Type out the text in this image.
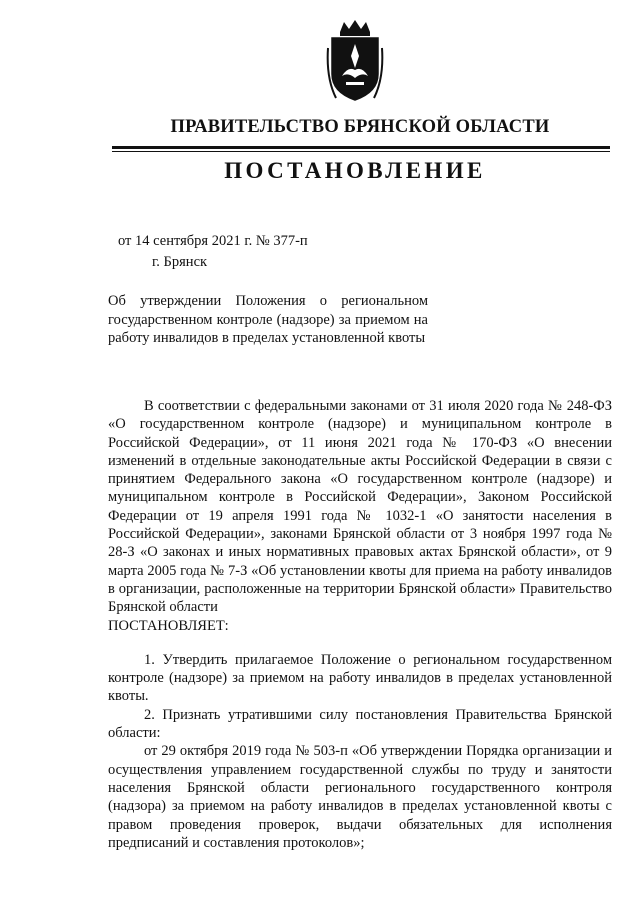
ПРАВИТЕЛЬСТВО БРЯНСКОЙ ОБЛАСТИ
ПОСТАНОВЛЕНИЕ
от 14 сентября 2021 г. № 377-п
г. Брянск
Об утверждении Положения о региональном государственном контроле (надзоре) за приемом на работу инвалидов в пределах установленной квоты

В соответствии с федеральными законами от 31 июля 2020 года № 248-ФЗ «О государственном контроле (надзоре) и муниципальном контроле в Российской Федерации», от 11 июня 2021 года № 170-ФЗ «О внесении изменений в отдельные законодательные акты Российской Федерации в связи с принятием Федерального закона «О государственном контроле (надзоре) и муниципальном контроле в Российской Федерации», Законом Российской Федерации от 19 апреля 1991 года № 1032-1 «О занятости населения в Российской Федерации», законами Брянской области от 3 ноября 1997 года № 28-З «О законах и иных нормативных правовых актах Брянской области», от 9 марта 2005 года № 7-З «Об установлении квоты для приема на работу инвалидов в организации, расположенные на территории Брянской области» Правительство Брянской области

ПОСТАНОВЛЯЕТ:

1. Утвердить прилагаемое Положение о региональном государственном контроле (надзоре) за приемом на работу инвалидов в пределах установленной квоты.

2. Признать утратившими силу постановления Правительства Брянской области:

от 29 октября 2019 года № 503-п «Об утверждении Порядка организации и осуществления управлением государственной службы по труду и занятости населения Брянской области регионального государственного контроля (надзора) за приемом на работу инвалидов в пределах установленной квоты с правом проведения проверок, выдачи обязательных для исполнения предписаний и составления протоколов»;
